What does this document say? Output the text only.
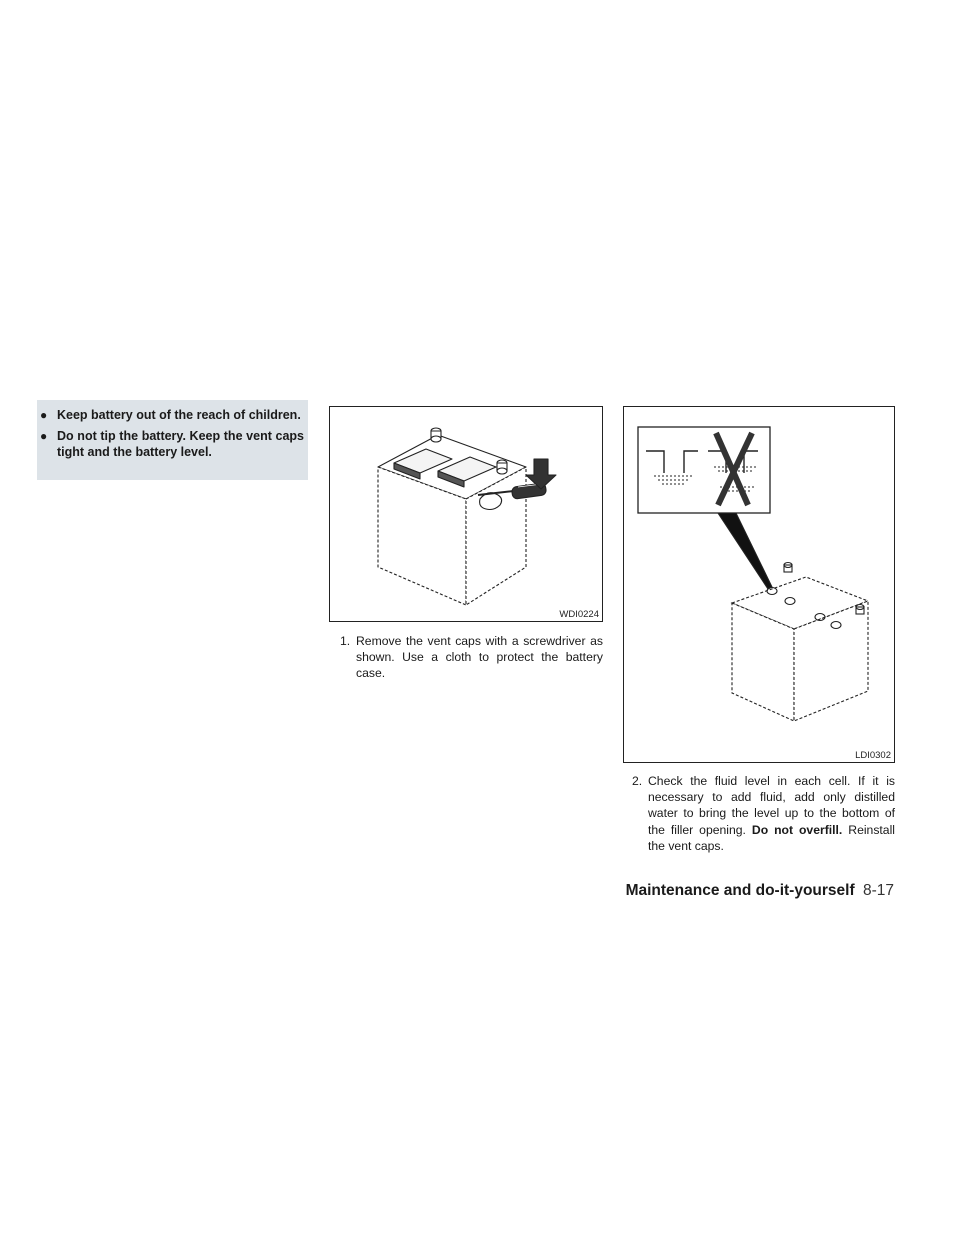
● Keep battery out of the reach of children.
● Do not tip the battery. Keep the vent caps tight and the battery level.
WDI0224
1. Remove the vent caps with a screwdriver as shown. Use a cloth to protect the battery case.
LDI0302
2. Check the fluid level in each cell. If it is necessary to add fluid, add only distilled water to bring the level up to the bottom of the filler opening. Do not overfill. Reinstall the vent caps.
Maintenance and do-it-yourself 8-17
